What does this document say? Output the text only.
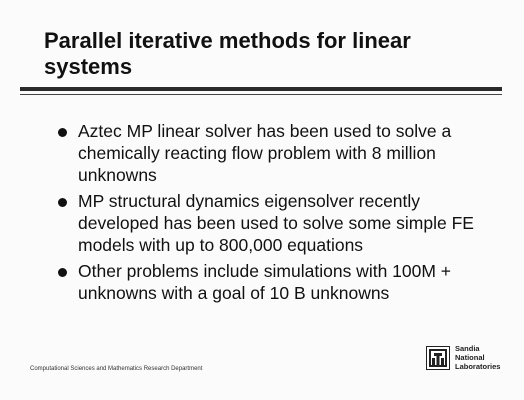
Parallel iterative methods for linear systems
Aztec MP linear solver has been used to solve a chemically reacting flow problem with 8 million unknowns
MP structural dynamics eigensolver recently developed has been used to solve some simple FE models with up to 800,000 equations
Other problems include simulations with 100M + unknowns with a goal of 10 B unknowns
Computational Sciences and Mathematics Research Department
Sandia
National
Laboratories
